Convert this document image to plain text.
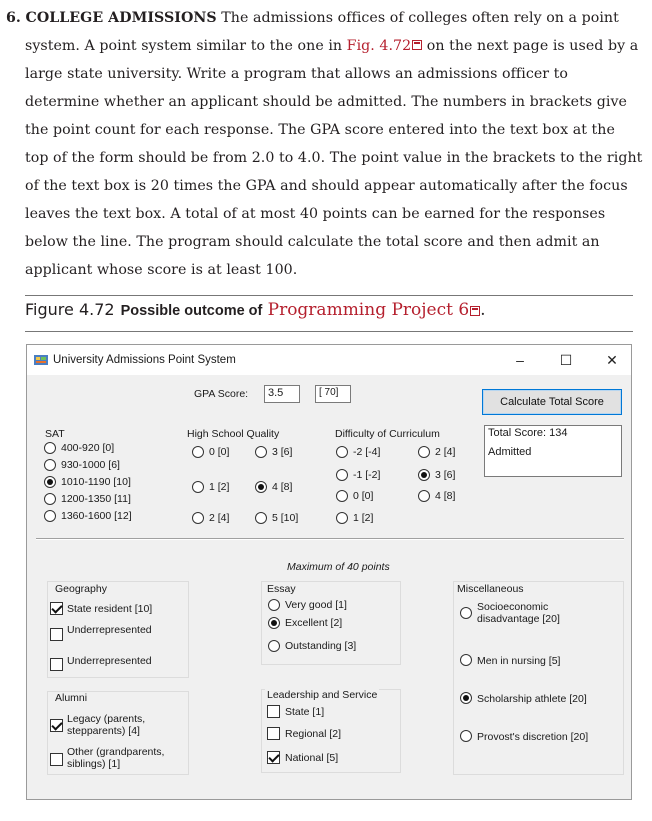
6. COLLEGE ADMISSIONS The admissions offices of colleges often rely on a point
system. A point system similar to the one in Fig. 4.72 on the next page is used by a
large state university. Write a program that allows an admissions officer to
determine whether an applicant should be admitted. The numbers in brackets give
the point count for each response. The GPA score entered into the text box at the
top of the form should be from 2.0 to 4.0. The point value in the brackets to the right
of the text box is 20 times the GPA and should appear automatically after the focus
leaves the text box. A total of at most 40 points can be earned for the responses
below the line. The program should calculate the total score and then admit an
applicant whose score is at least 100.
Figure 4.72 Possible outcome of Programming Project 6 .
University Admissions Point System	–	☐	✕
GPA Score:	3.5	[ 70]
Calculate Total Score
Total Score: 134
Admitted
SAT
400-920 [0]
930-1000 [6]
1010-1190 [10]
1200-1350 [11]
1360-1600 [12]
High School Quality
0 [0]	3 [6]
1 [2]	4 [8]
2 [4]	5 [10]
Difficulty of Curriculum
-2 [-4]	2 [4]
-1 [-2]	3 [6]
0 [0]	4 [8]
1 [2]
Maximum of 40 points
Geography
State resident [10]
Underrepresented
Underrepresented
Alumni
Legacy (parents,
stepparents) [4]
Other (grandparents,
siblings) [1]
Essay
Very good [1]
Excellent [2]
Outstanding [3]
Leadership and Service
State [1]
Regional [2]
National [5]
Miscellaneous
Socioeconomic
disadvantage [20]
Men in nursing [5]
Scholarship athlete [20]
Provost's discretion [20]
